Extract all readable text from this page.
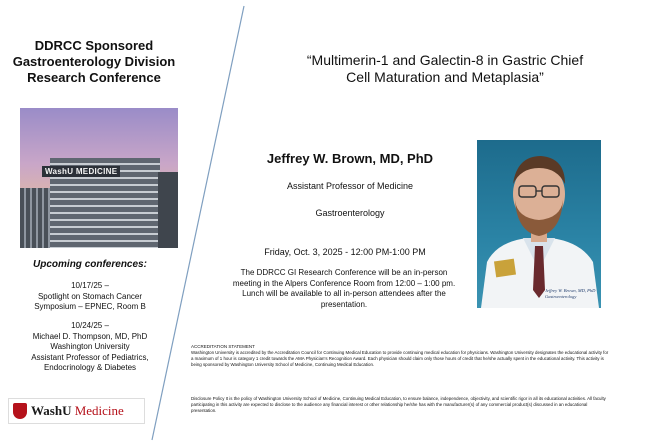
DDRCC Sponsored
Gastroenterology Division
Research Conference
WashU MEDICINE
Upcoming conferences:
10/17/25 –
Spotlight on Stomach Cancer
Symposium – EPNEC, Room B
10/24/25 –
Michael D. Thompson, MD, PhD
Washington University
Assistant Professor of Pediatrics,
Endocrinology & Diabetes
WashU Medicine
“Multimerin-1 and Galectin-8 in Gastric Chief
Cell Maturation and Metaplasia”
Jeffrey W. Brown, MD, PhD
Assistant Professor of Medicine
Gastroenterology
Friday, Oct. 3, 2025 - 12:00 PM-1:00 PM
The DDRCC GI Research Conference will be an in-person meeting in the Alpers Conference Room from 12:00 – 1:00 pm. Lunch will be available to all in-person attendees after the presentation.
Jeffrey W. Brown, MD, PhD
Gastroenterology
ACCREDITATION STATEMENT
Washington University is accredited by the Accreditation Council for Continuing Medical Education to provide continuing medical education for physicians. Washington University designates the educational activity for a maximum of 1 hour is category 1 credit towards the AMA Physician's Recognition Award. Each physician should claim only those hours of credit that he/she actually spent in the educational activity. This activity is being sponsored by Washington University School of Medicine, Continuing Medical Education.
Disclosure Policy It is the policy of Washington University School of Medicine, Continuing Medical Education, to ensure balance, independence, objectivity, and scientific rigor in all its educational activities. All faculty participating in this activity are expected to disclose to the audience any financial interest or other relationship he/she has with the manufacturer(s) of any commercial product(s) discussed in an educational presentation.
